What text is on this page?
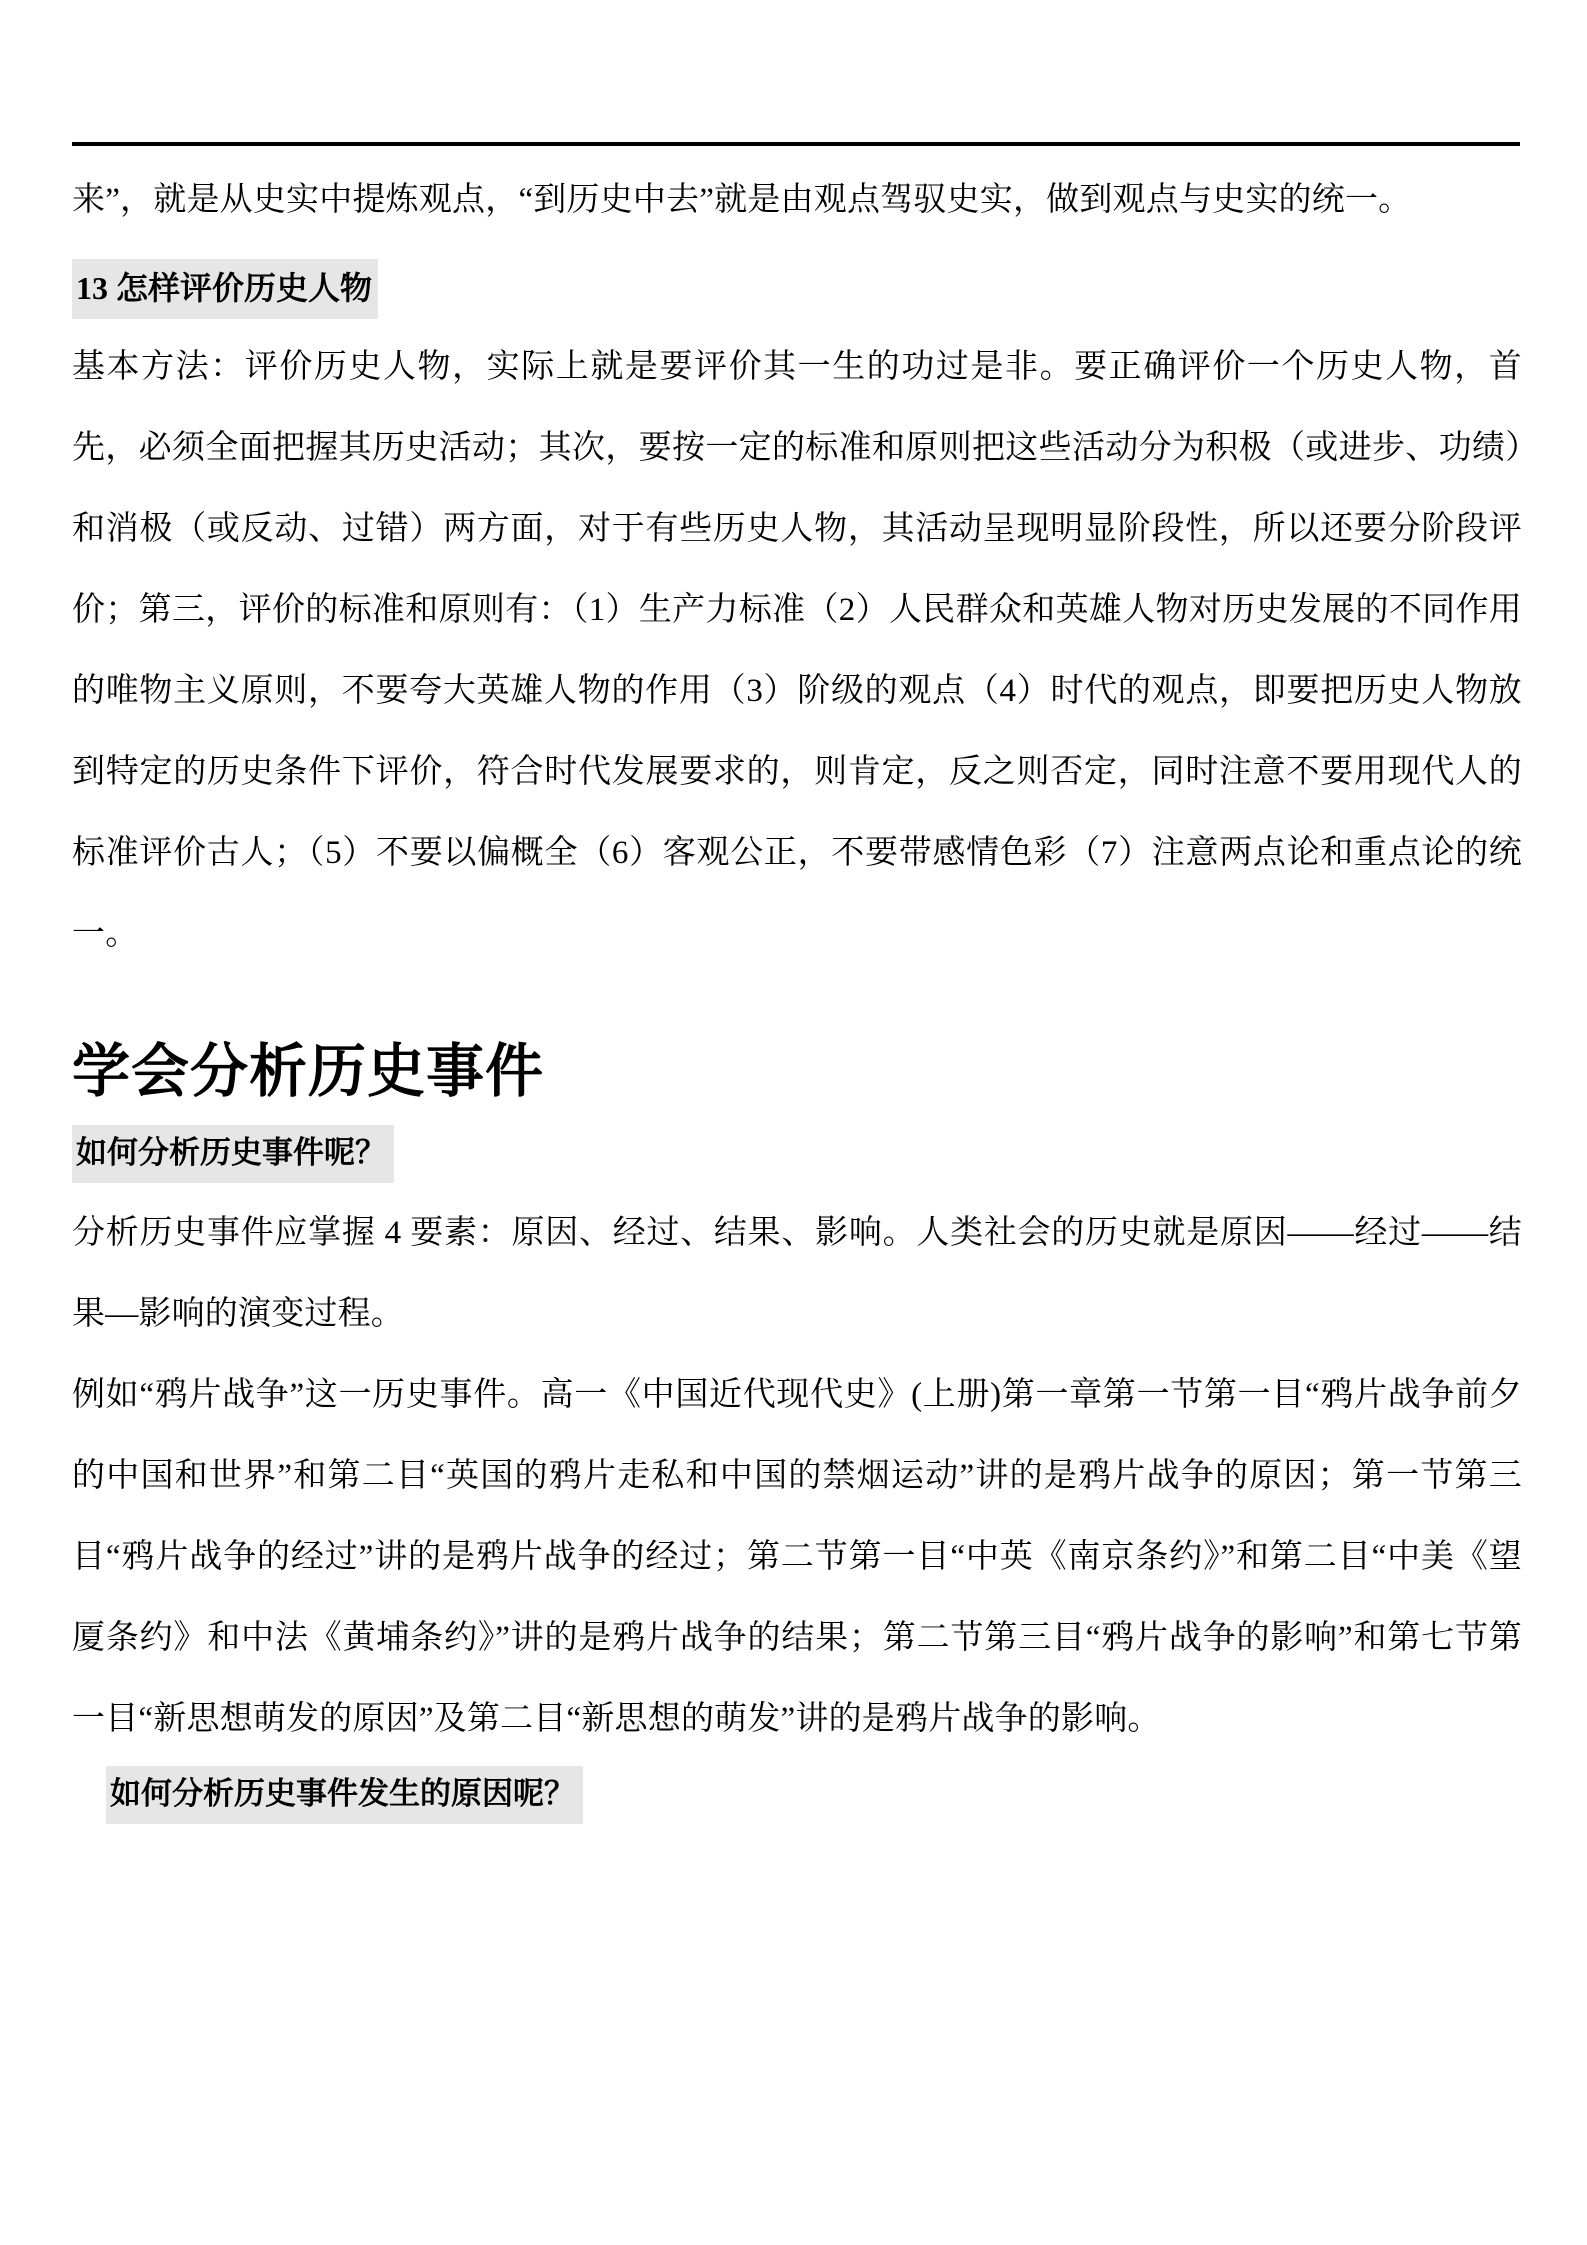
来”，就是从史实中提炼观点，“到历史中去”就是由观点驾驭史实，做到观点与史实的统一。

13 怎样评价历史人物

基本方法：评价历史人物，实际上就是要评价其一生的功过是非。要正确评价一个历史人物，首先，必须全面把握其历史活动；其次，要按一定的标准和原则把这些活动分为积极（或进步、功绩）和消极（或反动、过错）两方面，对于有些历史人物，其活动呈现明显阶段性，所以还要分阶段评价；第三，评价的标准和原则有：（1）生产力标准（2）人民群众和英雄人物对历史发展的不同作用的唯物主义原则，不要夸大英雄人物的作用（3）阶级的观点（4）时代的观点，即要把历史人物放到特定的历史条件下评价，符合时代发展要求的，则肯定，反之则否定，同时注意不要用现代人的标准评价古人；（5）不要以偏概全（6）客观公正，不要带感情色彩（7）注意两点论和重点论的统一。

学会分析历史事件
如何分析历史事件呢？

分析历史事件应掌握 4 要素：原因、经过、结果、影响。人类社会的历史就是原因——经过——结果—影响的演变过程。

例如“鸦片战争”这一历史事件。高一《中国近代现代史》(上册)第一章第一节第一目“鸦片战争前夕的中国和世界”和第二目“英国的鸦片走私和中国的禁烟运动”讲的是鸦片战争的原因；第一节第三目“鸦片战争的经过”讲的是鸦片战争的经过；第二节第一目“中英《南京条约》”和第二目“中美《望厦条约》和中法《黄埔条约》”讲的是鸦片战争的结果；第二节第三目“鸦片战争的影响”和第七节第一目“新思想萌发的原因”及第二目“新思想的萌发”讲的是鸦片战争的影响。

如何分析历史事件发生的原因呢？
